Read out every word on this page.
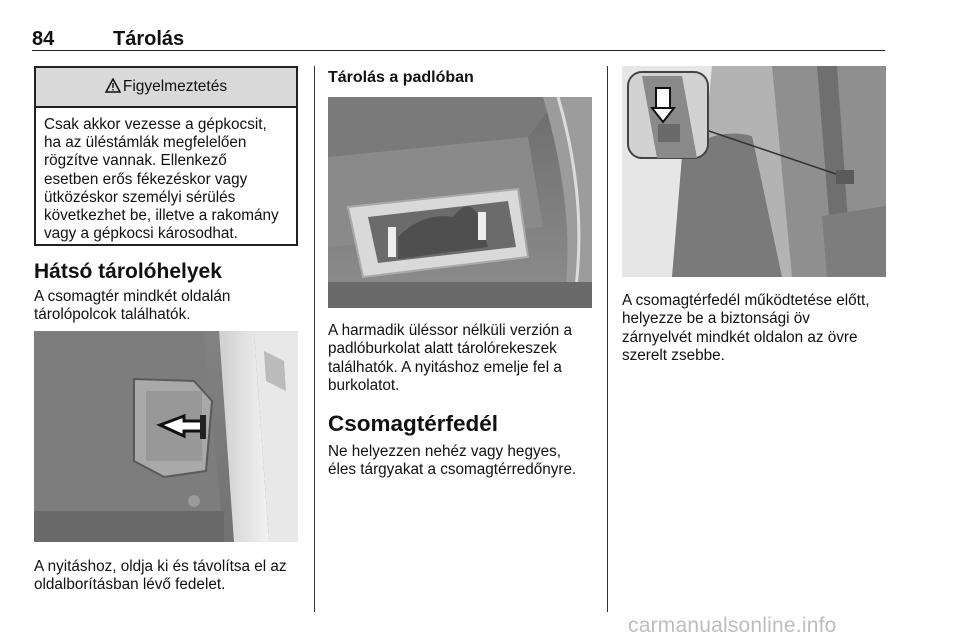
84	Tárolás
Figyelmeztetés
Csak akkor vezesse a gépkocsit,
ha az üléstámlák megfelelően
rögzítve vannak. Ellenkező
esetben erős fékezéskor vagy
ütközéskor személyi sérülés
következhet be, illetve a rakomány
vagy a gépkocsi károsodhat.
Hátsó tárolóhelyek
A csomagtér mindkét oldalán
tárolópolcok találhatók.
A nyitáshoz, oldja ki és távolítsa el az
oldalborításban lévő fedelet.
Tárolás a padlóban
A harmadik üléssor nélküli verzión a
padlóburkolat alatt tárolórekeszek
találhatók. A nyitáshoz emelje fel a
burkolatot.
Csomagtérfedél
Ne helyezzen nehéz vagy hegyes,
éles tárgyakat a csomagtérredőnyre.
A csomagtérfedél működtetése előtt,
helyezze be a biztonsági öv
zárnyelvét mindkét oldalon az övre
szerelt zsebbe.
carmanualsonline.info
